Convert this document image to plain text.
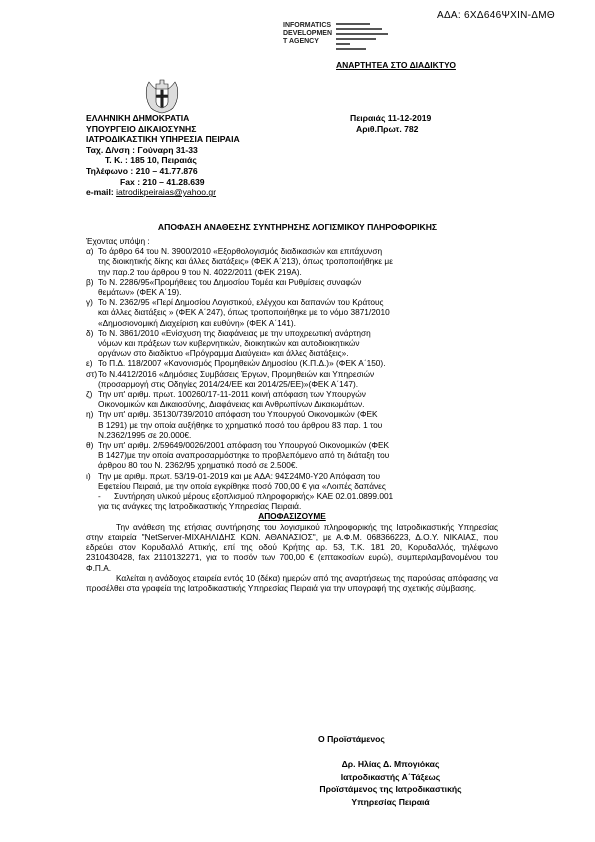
ΑΔΑ: 6ΧΔ646ΨΧΙΝ-ΔΜΘ
INFORMATICS
DEVELOPMEN
T AGENCY
ΑΝΑΡΤΗΤΕΑ ΣΤΟ ΔΙΑΔΙΚΤΥΟ
ΕΛΛΗΝΙΚΗ ΔΗΜΟΚΡΑΤΙΑ
ΥΠΟΥΡΓΕΙΟ ΔΙΚΑΙΟΣΥΝΗΣ
ΙΑΤΡΟΔΙΚΑΣΤΙΚΗ ΥΠΗΡΕΣΙΑ ΠΕΙΡΑΙΑ
Ταχ. Δ/νση : Γούναρη 31-33
Τ. Κ. : 185 10, Πειραιάς
Τηλέφωνο : 210 – 41.77.876
Fax : 210 – 41.28.639
e-mail: iatrodikpeiraias@yahoo.gr
Πειραιάς 11-12-2019
Αριθ.Πρωτ. 782
ΑΠΟΦΑΣΗ ΑΝΑΘΕΣΗΣ ΣΥΝΤΗΡΗΣΗΣ ΛΟΓΙΣΜΙΚΟΥ ΠΛΗΡΟΦΟΡΙΚΗΣ
Έχοντας υπόψη :
α) Το άρθρο 64 του Ν. 3900/2010 «Εξορθολογισμός διαδικασιών και επιτάχυνση
της διοικητικής δίκης και άλλες διατάξεις» (ΦΕΚ Α΄213), όπως τροποποιήθηκε με
την παρ.2 του άρθρου 9 του Ν. 4022/2011 (ΦΕΚ 219Α).
β) Το Ν. 2286/95«Προμήθειες του Δημοσίου Τομέα και Ρυθμίσεις συναφών
θεμάτων» (ΦΕΚ Α΄19).
γ) Το Ν. 2362/95 «Περί Δημοσίου Λογιστικού, ελέγχου και δαπανών του Κράτους
και άλλες διατάξεις » (ΦΕΚ Α΄247), όπως τροποποιήθηκε με το νόμο 3871/2010
«Δημοσιονομική Διαχείριση και ευθύνη» (ΦΕΚ Α΄141).
δ) Το Ν. 3861/2010 «Ενίσχυση της διαφάνειας με την υποχρεωτική ανάρτηση
νόμων και πράξεων των κυβερνητικών, διοικητικών και αυτοδιοικητικών
οργάνων στο διαδίκτυο «Πρόγραμμα Διαύγεια» και άλλες διατάξεις».
ε) Το Π.Δ. 118/2007 «Κανονισμός Προμηθειών Δημοσίου (Κ.Π.Δ.)» (ΦΕΚ Α΄150).
στ) Το Ν.4412/2016 «Δημόσιες Συμβάσεις Έργων, Προμηθειών και Υπηρεσιών
(προσαρμογή στις Οδηγίες 2014/24/ΕΕ και 2014/25/ΕΕ)»(ΦΕΚ Α΄147).
ζ) Την υπ' αριθμ. πρωτ. 100260/17-11-2011 κοινή απόφαση των Υπουργών
Οικονομικών και Δικαιοσύνης, Διαφάνειας και Ανθρωπίνων Δικαιωμάτων.
η) Την υπ' αριθμ. 35130/739/2010 απόφαση του Υπουργού Οικονομικών (ΦΕΚ
Β 1291) με την οποία αυξήθηκε το χρηματικό ποσό του άρθρου 83 παρ. 1 του
Ν.2362/1995 σε 20.000€.
θ) Την υπ' αριθμ. 2/59649/0026/2001 απόφαση του Υπουργού Οικονομικών (ΦΕΚ
Β 1427)με την οποία αναπροσαρμόστηκε το προβλεπόμενο από τη διάταξη του
άρθρου 80 του Ν. 2362/95 χρηματικό ποσό σε 2.500€.
ι) Την με αριθμ. πρωτ. 53/19-01-2019 και με ΑΔΑ: 94Σ24Μ0-Υ20 Απόφαση του
Εφετείου Πειραιά, με την οποία εγκρίθηκε ποσό 700,00 € για «Λοιπές δαπάνες
-	Συντήρηση υλικού μέρους εξοπλισμού πληροφορικής» ΚΑΕ 02.01.0899.001
για τις ανάγκες της Ιατροδικαστικής Υπηρεσίας Πειραιά.
ΑΠΟΦΑΣΙΖΟΥΜΕ
Την ανάθεση της ετήσιας συντήρησης του λογισμικού πληροφορικής της Ιατροδικαστικής Υπηρεσίας στην εταιρεία "NetServer-ΜΙΧΑΗΛΙΔΗΣ ΚΩΝ. ΑΘΑΝΑΣΙΟΣ", με Α.Φ.Μ. 068366223, Δ.Ο.Υ. ΝΙΚΑΙΑΣ, που εδρεύει στον Κορυδαλλό Αττικής, επί της οδού Κρήτης αρ. 53, Τ.Κ. 181 20, Κορυδαλλός, τηλέφωνο 2310430428, fax 2110132271, για το ποσόν των 700,00 € (επτακοσίων ευρώ), συμπεριλαμβανομένου του Φ.Π.Α.
Καλείται η ανάδοχος εταιρεία εντός 10 (δέκα) ημερών από της αναρτήσεως της παρούσας απόφασης να προσέλθει στα γραφεία της Ιατροδικαστικής Υπηρεσίας Πειραιά για την υπογραφή της σχετικής σύμβασης.
Ο Προϊστάμενος
Δρ. Ηλίας Δ. Μπογιόκας
Ιατροδικαστής Α΄Τάξεως
Προϊστάμενος της Ιατροδικαστικής
Υπηρεσίας Πειραιά
